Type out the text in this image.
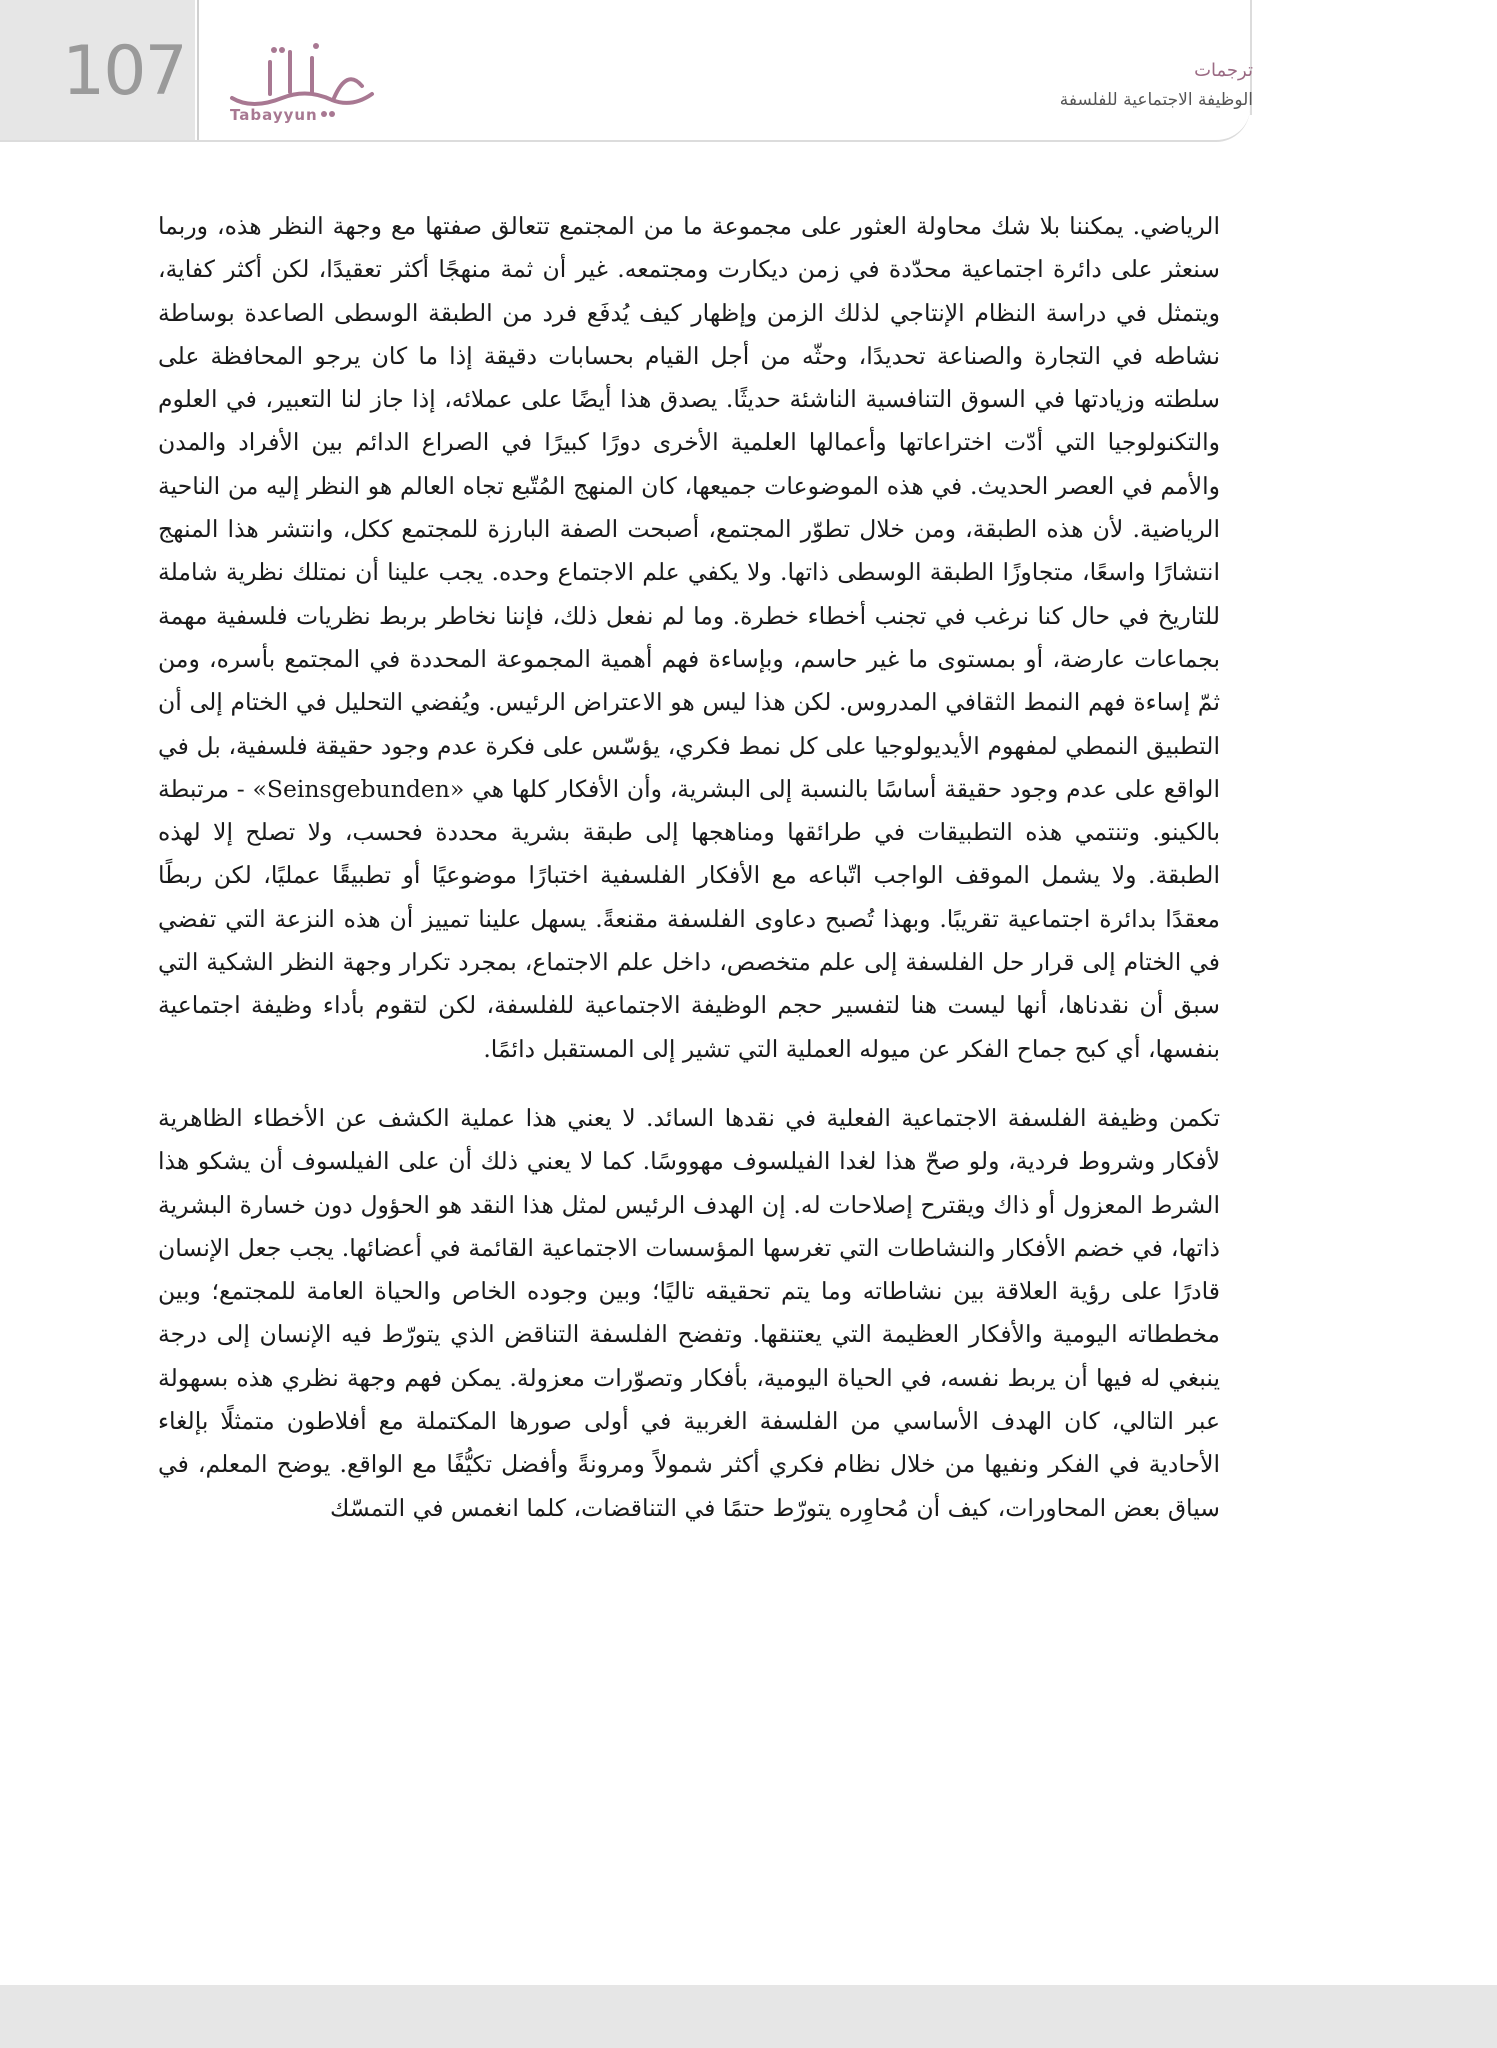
107
Tabayyun
ترجمات
الوظيفة الاجتماعية للفلسفة

الرياضي. يمكننا بلا شك محاولة العثور على مجموعة ما من المجتمع تتعالق صفتها مع وجهة النظر هذه، وربما سنعثر على دائرة اجتماعية محدّدة في زمن ديكارت ومجتمعه. غير أن ثمة منهجًا أكثر تعقيدًا، لكن أكثر كفاية، ويتمثل في دراسة النظام الإنتاجي لذلك الزمن وإظهار كيف يُدفَع فرد من الطبقة الوسطى الصاعدة بوساطة نشاطه في التجارة والصناعة تحديدًا، وحثّه من أجل القيام بحسابات دقيقة إذا ما كان يرجو المحافظة على سلطته وزيادتها في السوق التنافسية الناشئة حديثًا. يصدق هذا أيضًا على عملائه، إذا جاز لنا التعبير، في العلوم والتكنولوجيا التي أدّت اختراعاتها وأعمالها العلمية الأخرى دورًا كبيرًا في الصراع الدائم بين الأفراد والمدن والأمم في العصر الحديث. في هذه الموضوعات جميعها، كان المنهج المُتّبع تجاه العالم هو النظر إليه من الناحية الرياضية. لأن هذه الطبقة، ومن خلال تطوّر المجتمع، أصبحت الصفة البارزة للمجتمع ككل، وانتشر هذا المنهج انتشارًا واسعًا، متجاوزًا الطبقة الوسطى ذاتها. ولا يكفي علم الاجتماع وحده. يجب علينا أن نمتلك نظرية شاملة للتاريخ في حال كنا نرغب في تجنب أخطاء خطرة. وما لم نفعل ذلك، فإننا نخاطر بربط نظريات فلسفية مهمة بجماعات عارضة، أو بمستوى ما غير حاسم، وبإساءة فهم أهمية المجموعة المحددة في المجتمع بأسره، ومن ثمّ إساءة فهم النمط الثقافي المدروس. لكن هذا ليس هو الاعتراض الرئيس. ويُفضي التحليل في الختام إلى أن التطبيق النمطي لمفهوم الأيديولوجيا على كل نمط فكري، يؤسّس على فكرة عدم وجود حقيقة فلسفية، بل في الواقع على عدم وجود حقيقة أساسًا بالنسبة إلى البشرية، وأن الأفكار كلها هي «Seinsgebunden» - مرتبطة بالكينو. وتنتمي هذه التطبيقات في طرائقها ومناهجها إلى طبقة بشرية محددة فحسب، ولا تصلح إلا لهذه الطبقة. ولا يشمل الموقف الواجب اتّباعه مع الأفكار الفلسفية اختبارًا موضوعيًا أو تطبيقًا عمليًا، لكن ربطًا معقدًا بدائرة اجتماعية تقريبًا. وبهذا تُصبح دعاوى الفلسفة مقنعةً. يسهل علينا تمييز أن هذه النزعة التي تفضي في الختام إلى قرار حل الفلسفة إلى علم متخصص، داخل علم الاجتماع، بمجرد تكرار وجهة النظر الشكية التي سبق أن نقدناها، أنها ليست هنا لتفسير حجم الوظيفة الاجتماعية للفلسفة، لكن لتقوم بأداء وظيفة اجتماعية بنفسها، أي كبح جماح الفكر عن ميوله العملية التي تشير إلى المستقبل دائمًا.

تكمن وظيفة الفلسفة الاجتماعية الفعلية في نقدها السائد. لا يعني هذا عملية الكشف عن الأخطاء الظاهرية لأفكار وشروط فردية، ولو صحّ هذا لغدا الفيلسوف مهووسًا. كما لا يعني ذلك أن على الفيلسوف أن يشكو هذا الشرط المعزول أو ذاك ويقترح إصلاحات له. إن الهدف الرئيس لمثل هذا النقد هو الحؤول دون خسارة البشرية ذاتها، في خضم الأفكار والنشاطات التي تغرسها المؤسسات الاجتماعية القائمة في أعضائها. يجب جعل الإنسان قادرًا على رؤية العلاقة بين نشاطاته وما يتم تحقيقه تاليًا؛ وبين وجوده الخاص والحياة العامة للمجتمع؛ وبين مخططاته اليومية والأفكار العظيمة التي يعتنقها. وتفضح الفلسفة التناقض الذي يتورّط فيه الإنسان إلى درجة ينبغي له فيها أن يربط نفسه، في الحياة اليومية، بأفكار وتصوّرات معزولة. يمكن فهم وجهة نظري هذه بسهولة عبر التالي، كان الهدف الأساسي من الفلسفة الغربية في أولى صورها المكتملة مع أفلاطون متمثلًا بإلغاء الأحادية في الفكر ونفيها من خلال نظام فكري أكثر شمولاً ومرونةً وأفضل تكيُّفًا مع الواقع. يوضح المعلم، في سياق بعض المحاورات، كيف أن مُحاوِره يتورّط حتمًا في التناقضات، كلما انغمس في التمسّك
